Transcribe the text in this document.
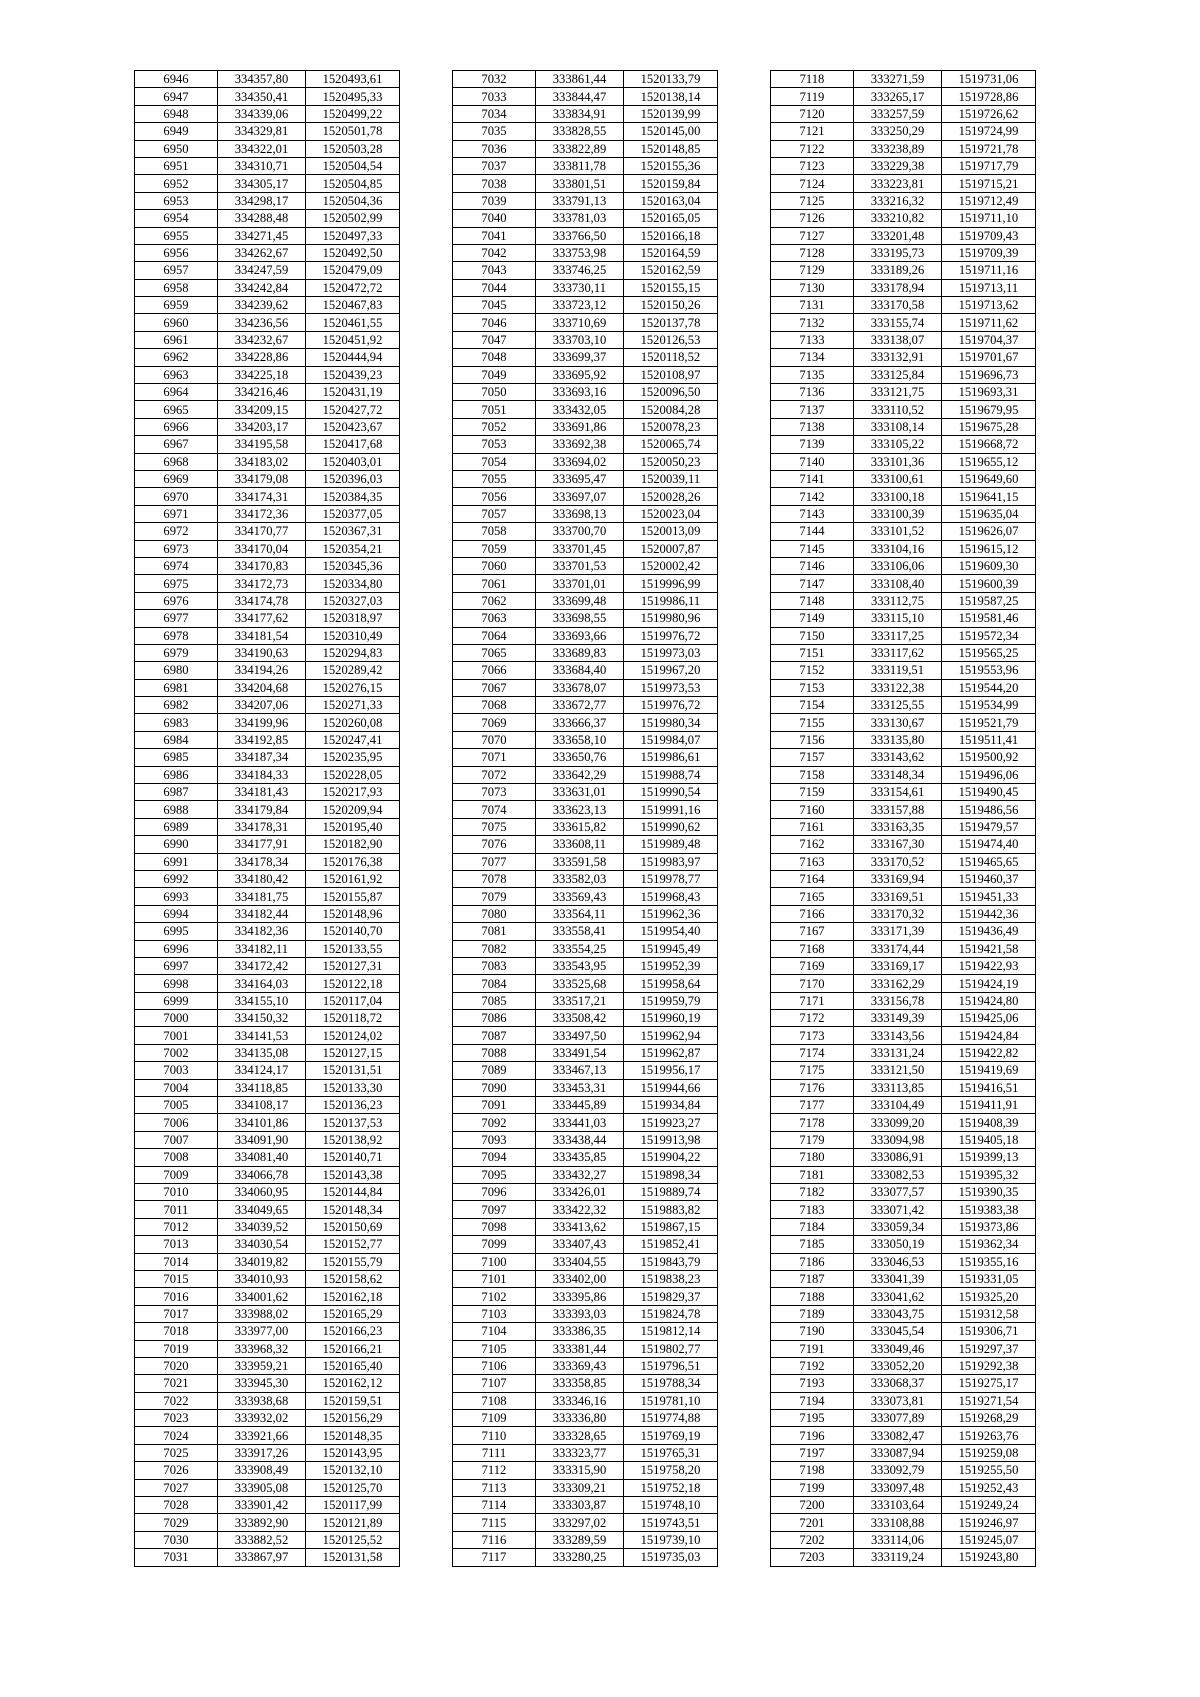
6946	334357,80	1520493,61
6947	334350,41	1520495,33
6948	334339,06	1520499,22
6949	334329,81	1520501,78
6950	334322,01	1520503,28
6951	334310,71	1520504,54
6952	334305,17	1520504,85
6953	334298,17	1520504,36
6954	334288,48	1520502,99
6955	334271,45	1520497,33
6956	334262,67	1520492,50
6957	334247,59	1520479,09
6958	334242,84	1520472,72
6959	334239,62	1520467,83
6960	334236,56	1520461,55
6961	334232,67	1520451,92
6962	334228,86	1520444,94
6963	334225,18	1520439,23
6964	334216,46	1520431,19
6965	334209,15	1520427,72
6966	334203,17	1520423,67
6967	334195,58	1520417,68
6968	334183,02	1520403,01
6969	334179,08	1520396,03
6970	334174,31	1520384,35
6971	334172,36	1520377,05
6972	334170,77	1520367,31
6973	334170,04	1520354,21
6974	334170,83	1520345,36
6975	334172,73	1520334,80
6976	334174,78	1520327,03
6977	334177,62	1520318,97
6978	334181,54	1520310,49
6979	334190,63	1520294,83
6980	334194,26	1520289,42
6981	334204,68	1520276,15
6982	334207,06	1520271,33
6983	334199,96	1520260,08
6984	334192,85	1520247,41
6985	334187,34	1520235,95
6986	334184,33	1520228,05
6987	334181,43	1520217,93
6988	334179,84	1520209,94
6989	334178,31	1520195,40
6990	334177,91	1520182,90
6991	334178,34	1520176,38
6992	334180,42	1520161,92
6993	334181,75	1520155,87
6994	334182,44	1520148,96
6995	334182,36	1520140,70
6996	334182,11	1520133,55
6997	334172,42	1520127,31
6998	334164,03	1520122,18
6999	334155,10	1520117,04
7000	334150,32	1520118,72
7001	334141,53	1520124,02
7002	334135,08	1520127,15
7003	334124,17	1520131,51
7004	334118,85	1520133,30
7005	334108,17	1520136,23
7006	334101,86	1520137,53
7007	334091,90	1520138,92
7008	334081,40	1520140,71
7009	334066,78	1520143,38
7010	334060,95	1520144,84
7011	334049,65	1520148,34
7012	334039,52	1520150,69
7013	334030,54	1520152,77
7014	334019,82	1520155,79
7015	334010,93	1520158,62
7016	334001,62	1520162,18
7017	333988,02	1520165,29
7018	333977,00	1520166,23
7019	333968,32	1520166,21
7020	333959,21	1520165,40
7021	333945,30	1520162,12
7022	333938,68	1520159,51
7023	333932,02	1520156,29
7024	333921,66	1520148,35
7025	333917,26	1520143,95
7026	333908,49	1520132,10
7027	333905,08	1520125,70
7028	333901,42	1520117,99
7029	333892,90	1520121,89
7030	333882,52	1520125,52
7031	333867,97	1520131,58
7032	333861,44	1520133,79
7033	333844,47	1520138,14
7034	333834,91	1520139,99
7035	333828,55	1520145,00
7036	333822,89	1520148,85
7037	333811,78	1520155,36
7038	333801,51	1520159,84
7039	333791,13	1520163,04
7040	333781,03	1520165,05
7041	333766,50	1520166,18
7042	333753,98	1520164,59
7043	333746,25	1520162,59
7044	333730,11	1520155,15
7045	333723,12	1520150,26
7046	333710,69	1520137,78
7047	333703,10	1520126,53
7048	333699,37	1520118,52
7049	333695,92	1520108,97
7050	333693,16	1520096,50
7051	333432,05	1520084,28
7052	333691,86	1520078,23
7053	333692,38	1520065,74
7054	333694,02	1520050,23
7055	333695,47	1520039,11
7056	333697,07	1520028,26
7057	333698,13	1520023,04
7058	333700,70	1520013,09
7059	333701,45	1520007,87
7060	333701,53	1520002,42
7061	333701,01	1519996,99
7062	333699,48	1519986,11
7063	333698,55	1519980,96
7064	333693,66	1519976,72
7065	333689,83	1519973,03
7066	333684,40	1519967,20
7067	333678,07	1519973,53
7068	333672,77	1519976,72
7069	333666,37	1519980,34
7070	333658,10	1519984,07
7071	333650,76	1519986,61
7072	333642,29	1519988,74
7073	333631,01	1519990,54
7074	333623,13	1519991,16
7075	333615,82	1519990,62
7076	333608,11	1519989,48
7077	333591,58	1519983,97
7078	333582,03	1519978,77
7079	333569,43	1519968,43
7080	333564,11	1519962,36
7081	333558,41	1519954,40
7082	333554,25	1519945,49
7083	333543,95	1519952,39
7084	333525,68	1519958,64
7085	333517,21	1519959,79
7086	333508,42	1519960,19
7087	333497,50	1519962,94
7088	333491,54	1519962,87
7089	333467,13	1519956,17
7090	333453,31	1519944,66
7091	333445,89	1519934,84
7092	333441,03	1519923,27
7093	333438,44	1519913,98
7094	333435,85	1519904,22
7095	333432,27	1519898,34
7096	333426,01	1519889,74
7097	333422,32	1519883,82
7098	333413,62	1519867,15
7099	333407,43	1519852,41
7100	333404,55	1519843,79
7101	333402,00	1519838,23
7102	333395,86	1519829,37
7103	333393,03	1519824,78
7104	333386,35	1519812,14
7105	333381,44	1519802,77
7106	333369,43	1519796,51
7107	333358,85	1519788,34
7108	333346,16	1519781,10
7109	333336,80	1519774,88
7110	333328,65	1519769,19
7111	333323,77	1519765,31
7112	333315,90	1519758,20
7113	333309,21	1519752,18
7114	333303,87	1519748,10
7115	333297,02	1519743,51
7116	333289,59	1519739,10
7117	333280,25	1519735,03
7118	333271,59	1519731,06
7119	333265,17	1519728,86
7120	333257,59	1519726,62
7121	333250,29	1519724,99
7122	333238,89	1519721,78
7123	333229,38	1519717,79
7124	333223,81	1519715,21
7125	333216,32	1519712,49
7126	333210,82	1519711,10
7127	333201,48	1519709,43
7128	333195,73	1519709,39
7129	333189,26	1519711,16
7130	333178,94	1519713,11
7131	333170,58	1519713,62
7132	333155,74	1519711,62
7133	333138,07	1519704,37
7134	333132,91	1519701,67
7135	333125,84	1519696,73
7136	333121,75	1519693,31
7137	333110,52	1519679,95
7138	333108,14	1519675,28
7139	333105,22	1519668,72
7140	333101,36	1519655,12
7141	333100,61	1519649,60
7142	333100,18	1519641,15
7143	333100,39	1519635,04
7144	333101,52	1519626,07
7145	333104,16	1519615,12
7146	333106,06	1519609,30
7147	333108,40	1519600,39
7148	333112,75	1519587,25
7149	333115,10	1519581,46
7150	333117,25	1519572,34
7151	333117,62	1519565,25
7152	333119,51	1519553,96
7153	333122,38	1519544,20
7154	333125,55	1519534,99
7155	333130,67	1519521,79
7156	333135,80	1519511,41
7157	333143,62	1519500,92
7158	333148,34	1519496,06
7159	333154,61	1519490,45
7160	333157,88	1519486,56
7161	333163,35	1519479,57
7162	333167,30	1519474,40
7163	333170,52	1519465,65
7164	333169,94	1519460,37
7165	333169,51	1519451,33
7166	333170,32	1519442,36
7167	333171,39	1519436,49
7168	333174,44	1519421,58
7169	333169,17	1519422,93
7170	333162,29	1519424,19
7171	333156,78	1519424,80
7172	333149,39	1519425,06
7173	333143,56	1519424,84
7174	333131,24	1519422,82
7175	333121,50	1519419,69
7176	333113,85	1519416,51
7177	333104,49	1519411,91
7178	333099,20	1519408,39
7179	333094,98	1519405,18
7180	333086,91	1519399,13
7181	333082,53	1519395,32
7182	333077,57	1519390,35
7183	333071,42	1519383,38
7184	333059,34	1519373,86
7185	333050,19	1519362,34
7186	333046,53	1519355,16
7187	333041,39	1519331,05
7188	333041,62	1519325,20
7189	333043,75	1519312,58
7190	333045,54	1519306,71
7191	333049,46	1519297,37
7192	333052,20	1519292,38
7193	333068,37	1519275,17
7194	333073,81	1519271,54
7195	333077,89	1519268,29
7196	333082,47	1519263,76
7197	333087,94	1519259,08
7198	333092,79	1519255,50
7199	333097,48	1519252,43
7200	333103,64	1519249,24
7201	333108,88	1519246,97
7202	333114,06	1519245,07
7203	333119,24	1519243,80
